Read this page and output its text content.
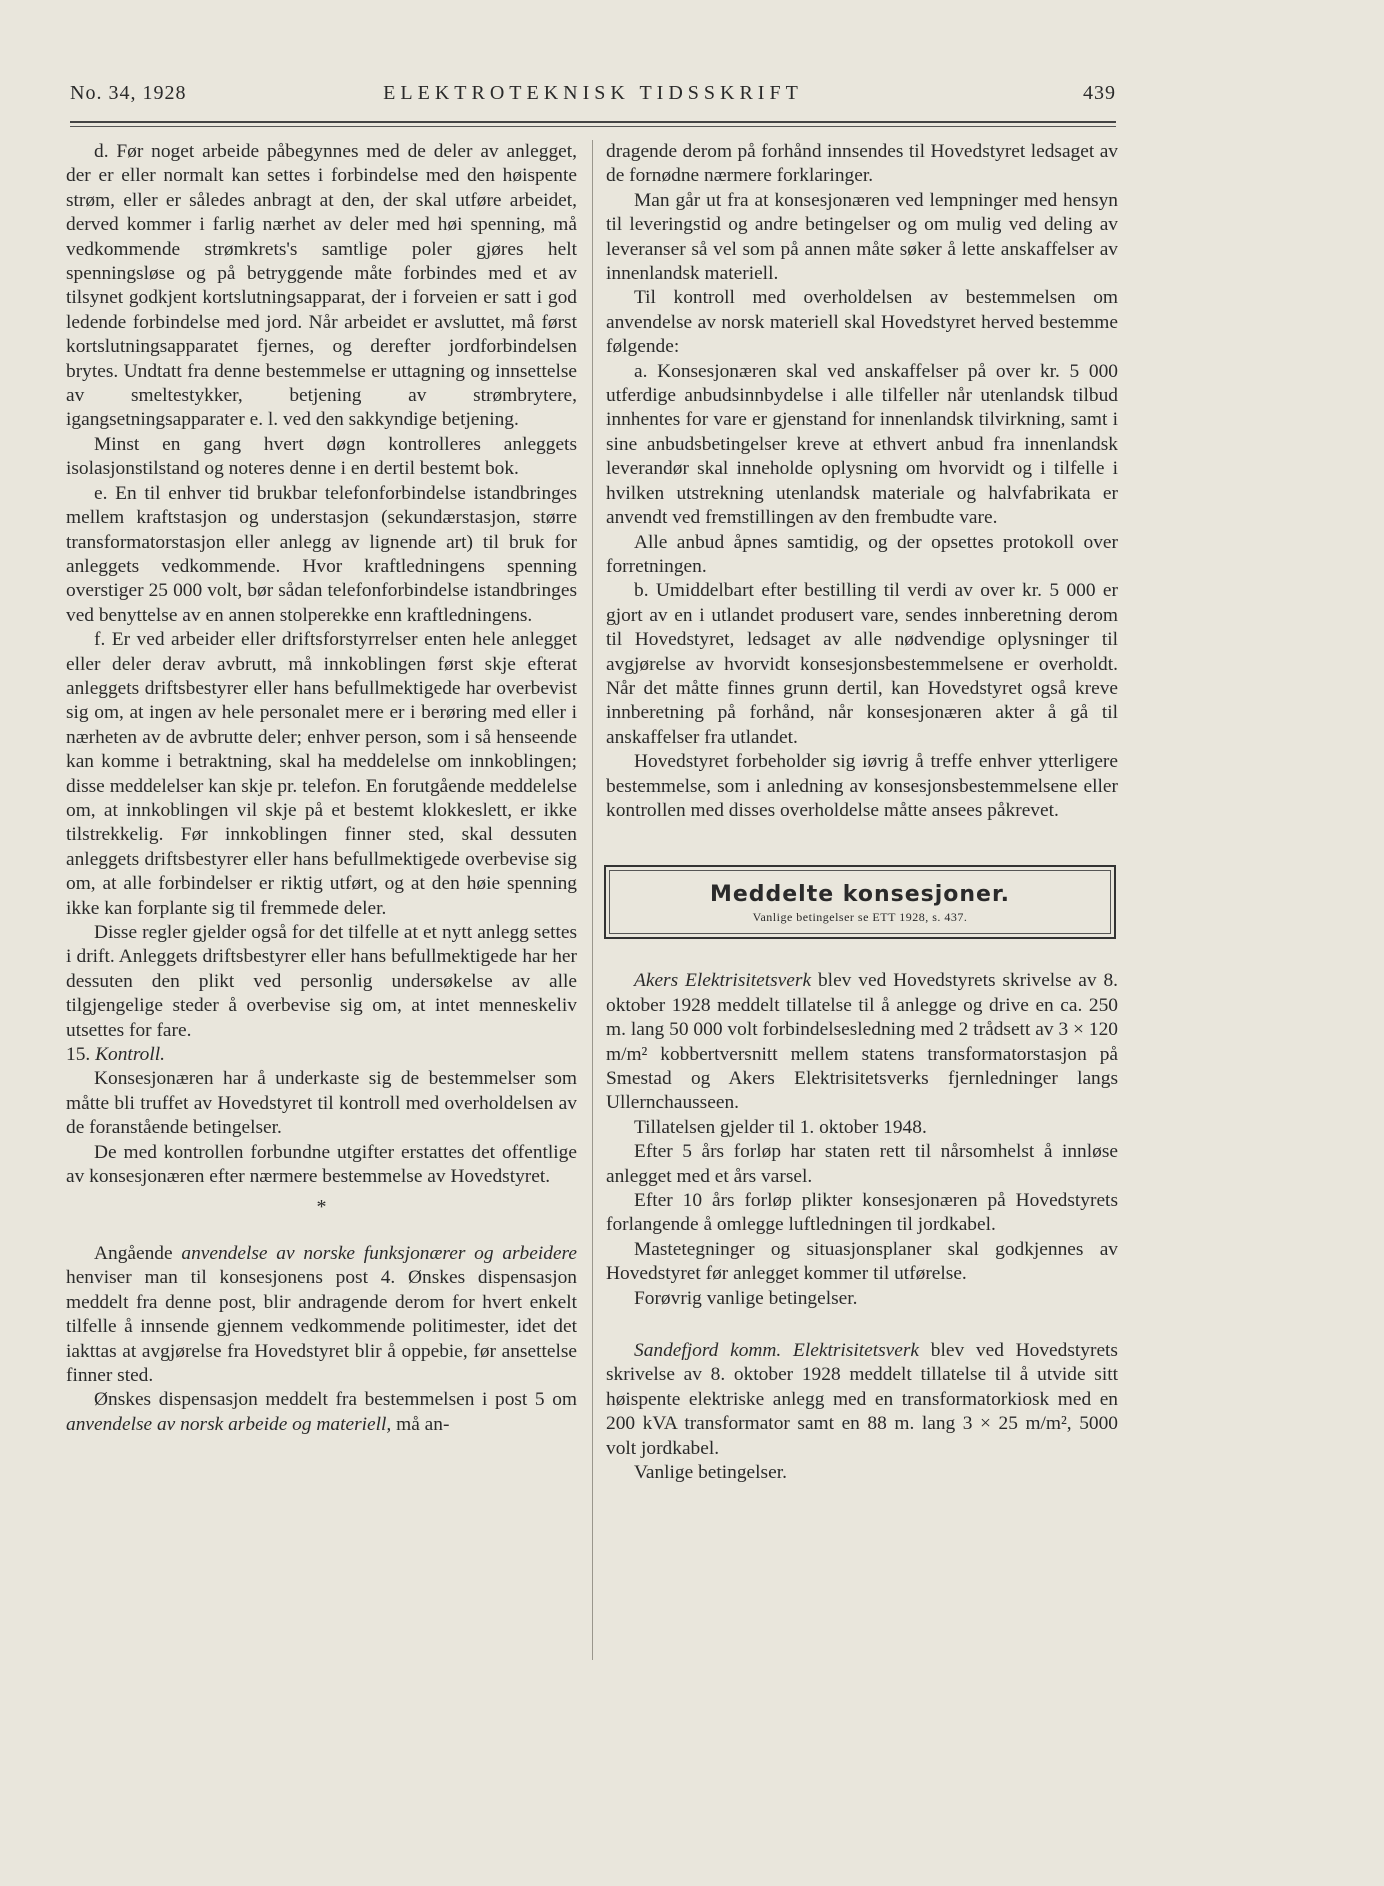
No. 34, 1928	ELEKTROTEKNISK TIDSSKRIFT	439

d. Før noget arbeide påbegynnes med de deler av anlegget, der er eller normalt kan settes i forbindelse med den høispente strøm, eller er således anbragt at den, der skal utføre arbeidet, derved kommer i farlig nærhet av deler med høi spenning, må vedkommende strømkrets's samtlige poler gjøres helt spenningsløse og på betryggende måte forbindes med et av tilsynet godkjent kortslutningsapparat, der i forveien er satt i god ledende forbindelse med jord. Når arbeidet er avsluttet, må først kortslutningsapparatet fjernes, og derefter jordforbindelsen brytes. Undtatt fra denne bestemmelse er uttagning og innsettelse av smeltestykker, betjening av strømbrytere, igangsetningsapparater e. l. ved den sakkyndige betjening.

Minst en gang hvert døgn kontrolleres anleggets isolasjonstilstand og noteres denne i en dertil bestemt bok.

e. En til enhver tid brukbar telefonforbindelse istandbringes mellem kraftstasjon og understasjon (sekundærstasjon, større transformatorstasjon eller anlegg av lignende art) til bruk for anleggets vedkommende. Hvor kraftledningens spenning overstiger 25 000 volt, bør sådan telefonforbindelse istandbringes ved benyttelse av en annen stolperekke enn kraftledningens.

f. Er ved arbeider eller driftsforstyrrelser enten hele anlegget eller deler derav avbrutt, må innkoblingen først skje efterat anleggets driftsbestyrer eller hans befullmektigede har overbevist sig om, at ingen av hele personalet mere er i berøring med eller i nærheten av de avbrutte deler; enhver person, som i så henseende kan komme i betraktning, skal ha meddelelse om innkoblingen; disse meddelelser kan skje pr. telefon. En forutgående meddelelse om, at innkoblingen vil skje på et bestemt klokkeslett, er ikke tilstrekkelig. Før innkoblingen finner sted, skal dessuten anleggets driftsbestyrer eller hans befullmektigede overbevise sig om, at alle forbindelser er riktig utført, og at den høie spenning ikke kan forplante sig til fremmede deler.

Disse regler gjelder også for det tilfelle at et nytt anlegg settes i drift. Anleggets driftsbestyrer eller hans befullmektigede har her dessuten den plikt ved personlig undersøkelse av alle tilgjengelige steder å overbevise sig om, at intet menneskeliv utsettes for fare.

15. Kontroll.

Konsesjonæren har å underkaste sig de bestemmelser som måtte bli truffet av Hovedstyret til kontroll med overholdelsen av de foranstående betingelser.

De med kontrollen forbundne utgifter erstattes det offentlige av konsesjonæren efter nærmere bestemmelse av Hovedstyret.

*

Angående anvendelse av norske funksjonærer og arbeidere henviser man til konsesjonens post 4. Ønskes dispensasjon meddelt fra denne post, blir andragende derom for hvert enkelt tilfelle å innsende gjennem vedkommende politimester, idet det iakttas at avgjørelse fra Hovedstyret blir å oppebie, før ansettelse finner sted.

Ønskes dispensasjon meddelt fra bestemmelsen i post 5 om anvendelse av norsk arbeide og materiell, må an-

dragende derom på forhånd innsendes til Hovedstyret ledsaget av de fornødne nærmere forklaringer.

Man går ut fra at konsesjonæren ved lempninger med hensyn til leveringstid og andre betingelser og om mulig ved deling av leveranser så vel som på annen måte søker å lette anskaffelser av innenlandsk materiell.

Til kontroll med overholdelsen av bestemmelsen om anvendelse av norsk materiell skal Hovedstyret herved bestemme følgende:

a. Konsesjonæren skal ved anskaffelser på over kr. 5 000 utferdige anbudsinnbydelse i alle tilfeller når utenlandsk tilbud innhentes for vare er gjenstand for innenlandsk tilvirkning, samt i sine anbudsbetingelser kreve at ethvert anbud fra innenlandsk leverandør skal inneholde oplysning om hvorvidt og i tilfelle i hvilken utstrekning utenlandsk materiale og halvfabrikata er anvendt ved fremstillingen av den frembudte vare.

Alle anbud åpnes samtidig, og der opsettes protokoll over forretningen.

b. Umiddelbart efter bestilling til verdi av over kr. 5 000 er gjort av en i utlandet produsert vare, sendes innberetning derom til Hovedstyret, ledsaget av alle nødvendige oplysninger til avgjørelse av hvorvidt konsesjonsbestemmelsene er overholdt. Når det måtte finnes grunn dertil, kan Hovedstyret også kreve innberetning på forhånd, når konsesjonæren akter å gå til anskaffelser fra utlandet.

Hovedstyret forbeholder sig iøvrig å treffe enhver ytterligere bestemmelse, som i anledning av konsesjonsbestemmelsene eller kontrollen med disses overholdelse måtte ansees påkrevet.

Meddelte konsesjoner.
Vanlige betingelser se ETT 1928, s. 437.

Akers Elektrisitetsverk blev ved Hovedstyrets skrivelse av 8. oktober 1928 meddelt tillatelse til å anlegge og drive en ca. 250 m. lang 50 000 volt forbindelsesledning med 2 trådsett av 3 × 120 m/m² kobbertversnitt mellem statens transformatorstasjon på Smestad og Akers Elektrisitetsverks fjernledninger langs Ullernchausseen.

Tillatelsen gjelder til 1. oktober 1948.

Efter 5 års forløp har staten rett til nårsomhelst å innløse anlegget med et års varsel.

Efter 10 års forløp plikter konsesjonæren på Hovedstyrets forlangende å omlegge luftledningen til jordkabel.

Mastetegninger og situasjonsplaner skal godkjennes av Hovedstyret før anlegget kommer til utførelse.

Forøvrig vanlige betingelser.

Sandefjord komm. Elektrisitetsverk blev ved Hovedstyrets skrivelse av 8. oktober 1928 meddelt tillatelse til å utvide sitt høispente elektriske anlegg med en transformatorkiosk med en 200 kVA transformator samt en 88 m. lang 3 × 25 m/m², 5000 volt jordkabel.

Vanlige betingelser.
